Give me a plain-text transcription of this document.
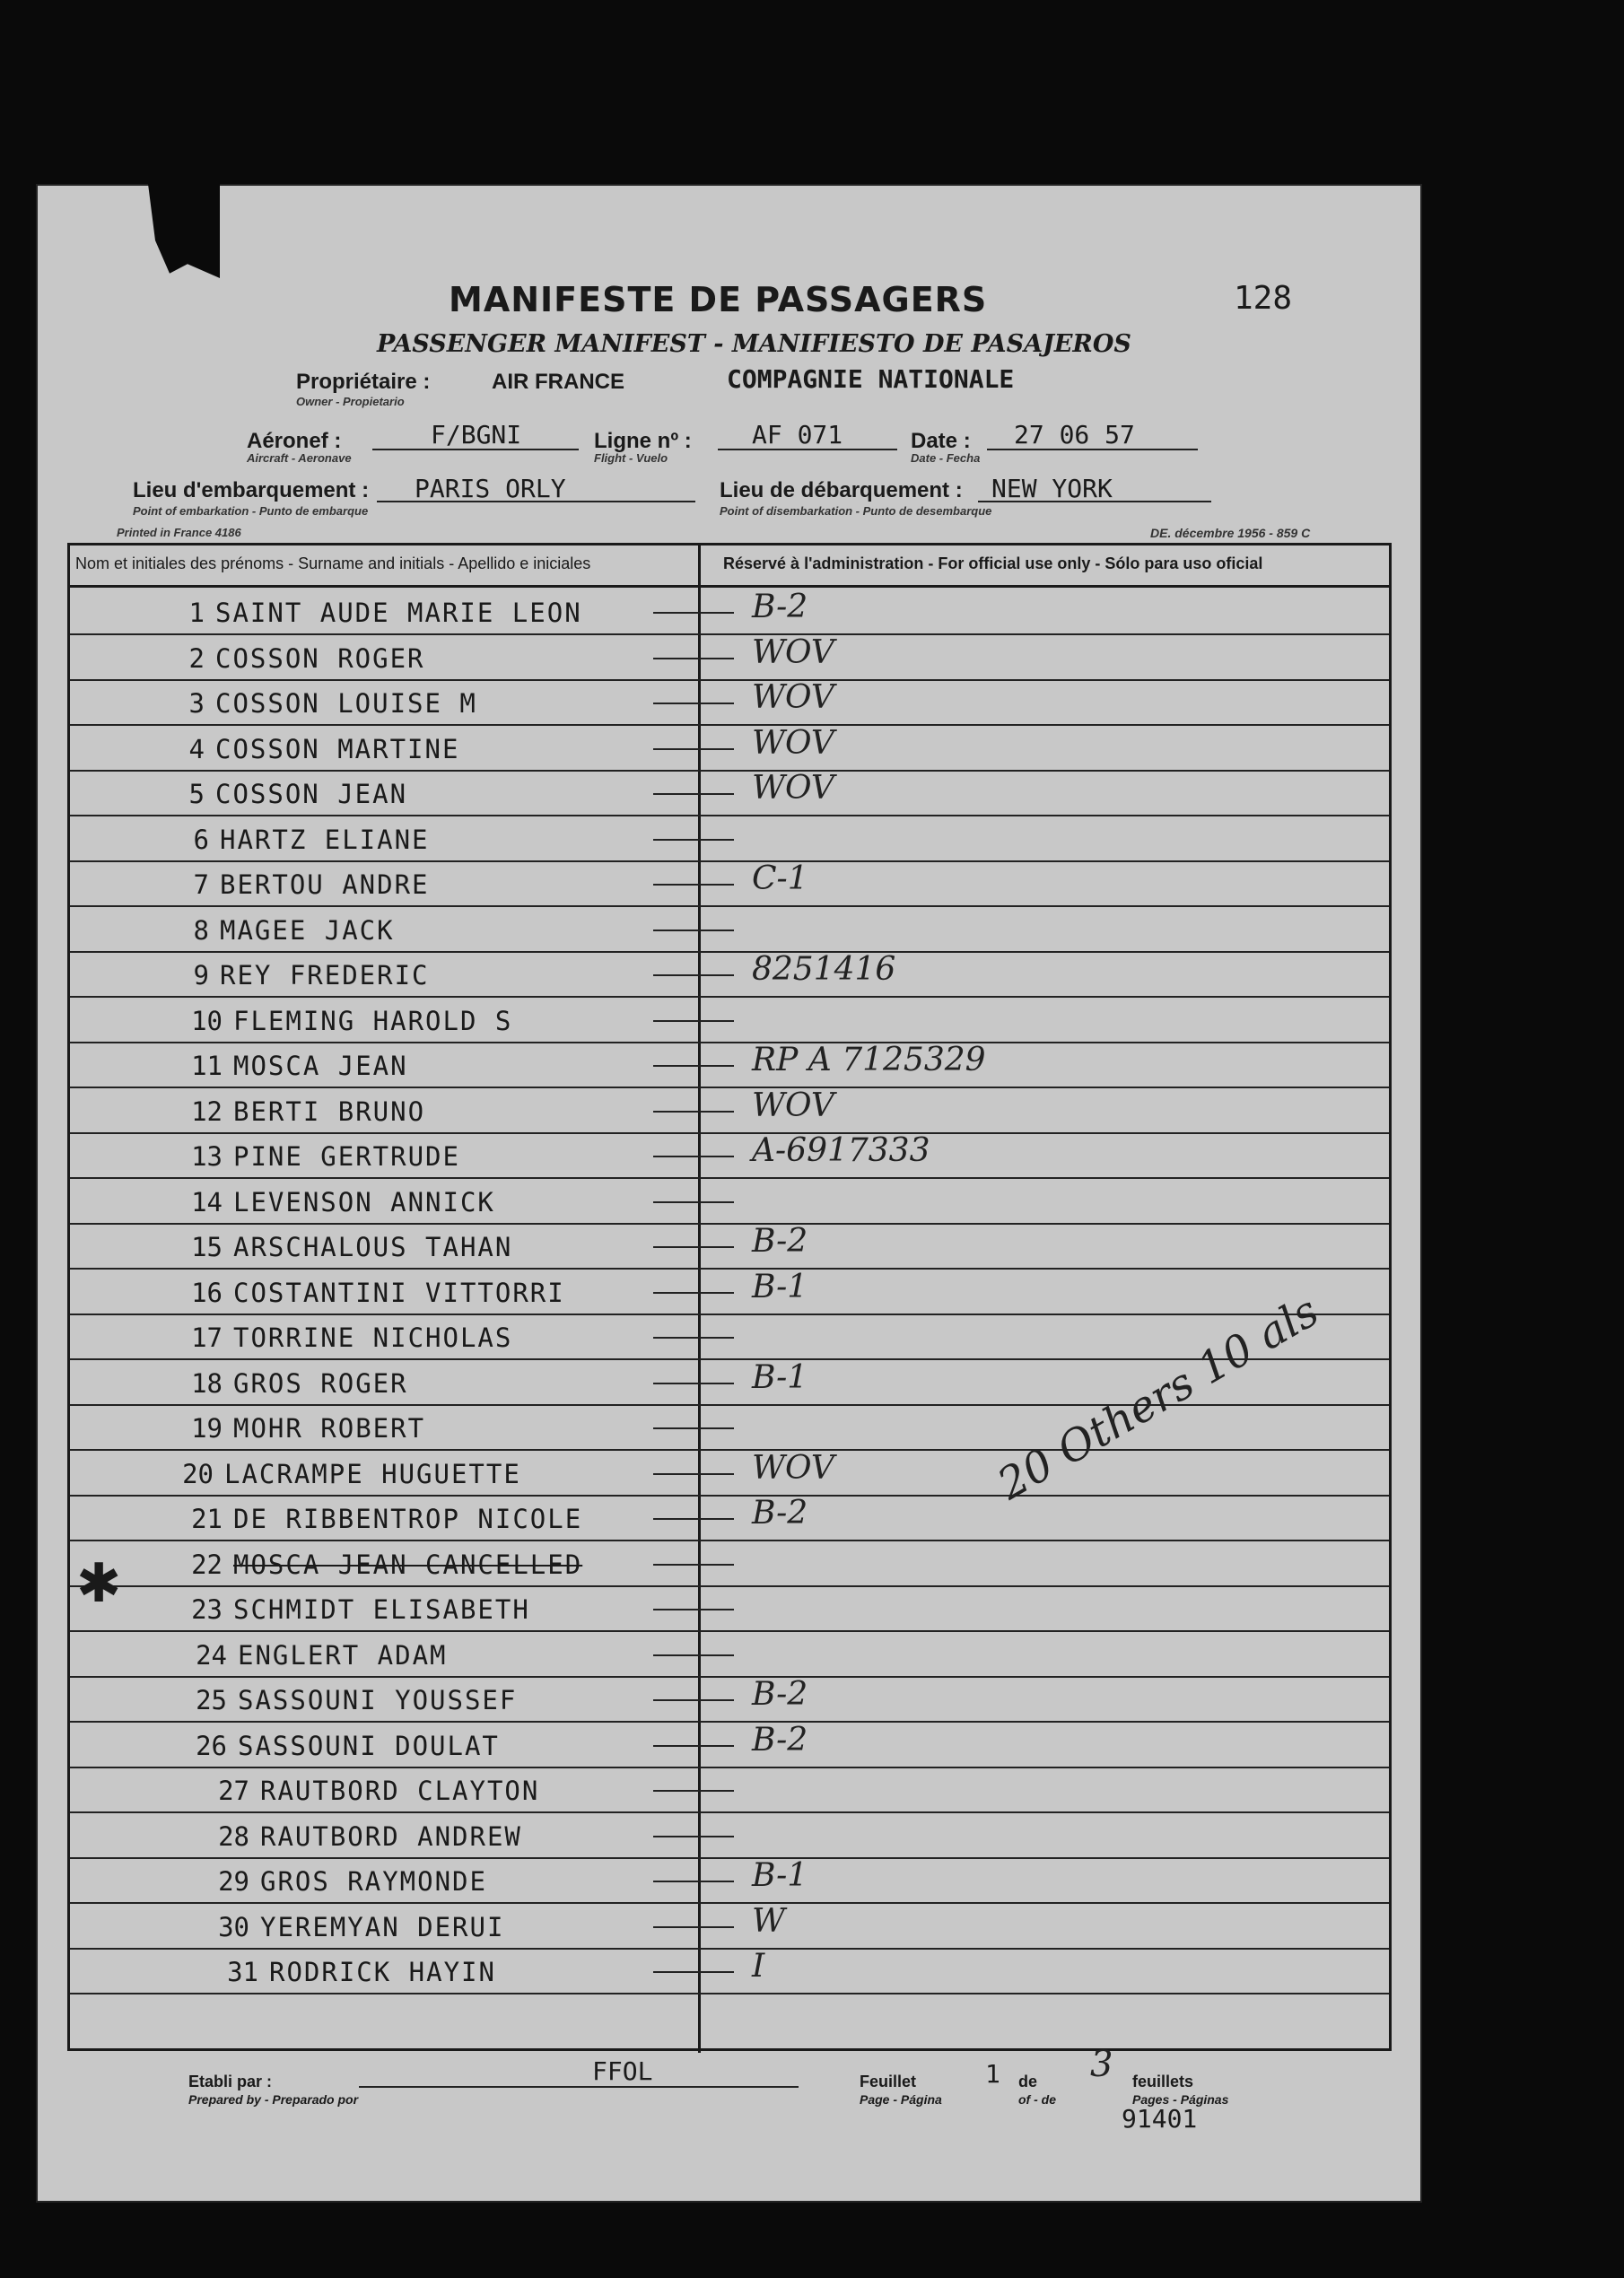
MANIFESTE DE PASSAGERS	128
PASSENGER MANIFEST - MANIFIESTO DE PASAJEROS
Propriétaire :	AIR FRANCE
Owner - Propietario
COMPAGNIE NATIONALE
Aéronef :	F/BGNI
Aircraft - Aeronave
Ligne nº : AF 071
Flight - Vuelo
Date : 27 06 57
Date - Fecha
Lieu d'embarquement : PARIS ORLY
Point of embarkation - Punto de embarque
Lieu de débarquement : NEW YORK
Point of disembarkation - Punto de desembarque
Printed in France 4186	DE. décembre 1956 - 859 C
Nom et initiales des prénoms - Surname and initials - Apellido e iniciales	Réservé à l'administration - For official use only - Sólo para uso oficial
1 SAINT AUDE MARIE LEON	B-2
2 COSSON ROGER	WOV
3 COSSON LOUISE M	WOV
4 COSSON MARTINE	WOV
5 COSSON JEAN	WOV
6 HARTZ ELIANE
7 BERTOU ANDRE	C-1
8 MAGEE JACK
9 REY FREDERIC	8251416
10 FLEMING HAROLD S
11 MOSCA JEAN	RP A 7125329
12 BERTI BRUNO	WOV
13 PINE GERTRUDE	A-6917333
14 LEVENSON ANNICK
15 ARSCHALOUS TAHAN	B-2
16 COSTANTINI VITTORRI	B-1
17 TORRINE NICHOLAS
18 GROS ROGER	B-1
19 MOHR ROBERT
20 LACRAMPE HUGUETTE	WOV
21 DE RIBBENTROP NICOLE	B-2
22 MOSCA JEAN CANCELLED
23 SCHMIDT ELISABETH
24 ENGLERT ADAM
25 SASSOUNI YOUSSEF	B-2
26 SASSOUNI DOULAT	B-2
27 RAUTBORD CLAYTON
28 RAUTBORD ANDREW
29 GROS RAYMONDE	B-1
30 YEREMYAN DERUI	W
31 RODRICK HAYIN	I
✱
20 Others 10 als
Etabli par :
Prepared by - Preparado por
FFOL	Feuillet	1 de 3 feuillets
Page - Página	of - de	Pages - Páginas
91401
